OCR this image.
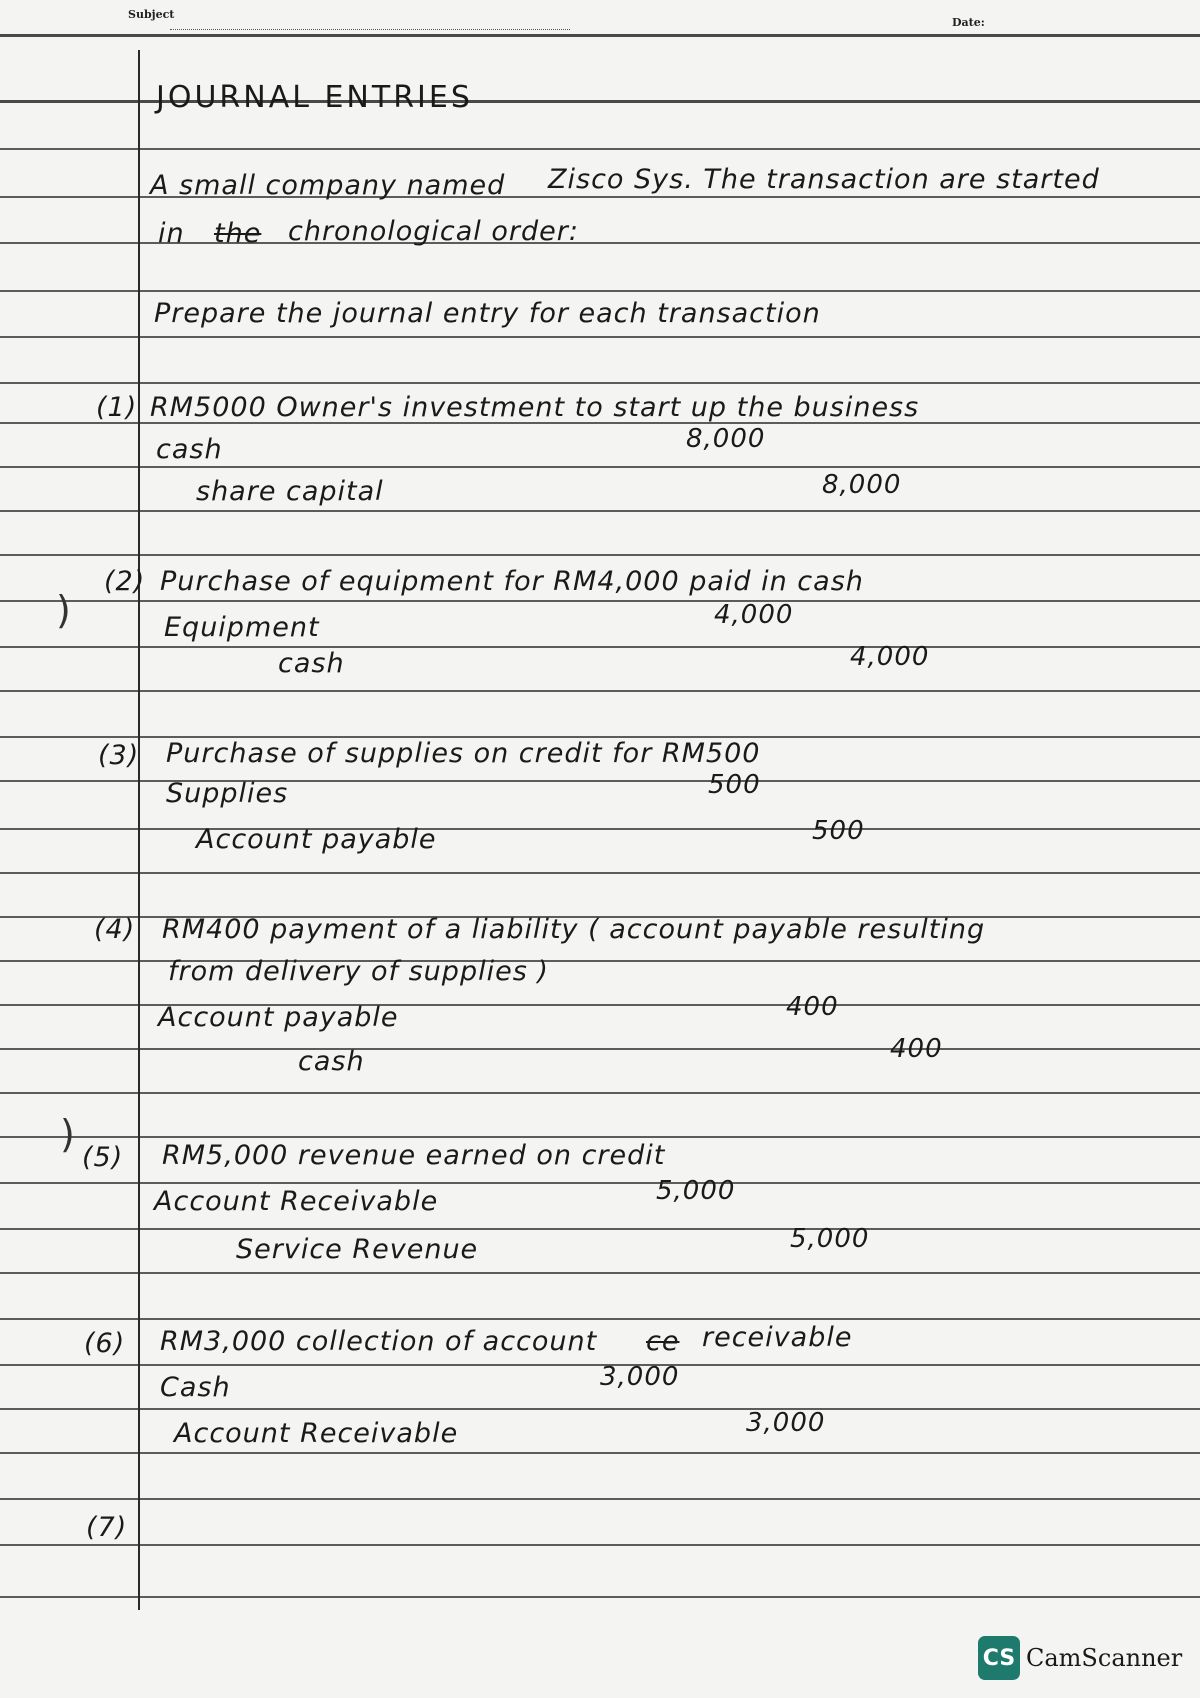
Subject
Date:
JOURNAL ENTRIES
A small company named Zisco Sys. The transaction are started
in the chronological order:
Prepare the journal entry for each transaction
(1) RM5000 Owner's investment to start up the business
cash	8,000
share capital	8,000
)
(2) Purchase of equipment for RM4,000 paid in cash
Equipment	4,000
cash	4,000
(3) Purchase of supplies on credit for RM500
Supplies	500
Account payable	500
(4) RM400 payment of a liability ( account payable resulting
from delivery of supplies )
Account payable	400
cash	400
)
(5) RM5,000 revenue earned on credit
Account Receivable	5,000
Service Revenue	5,000
(6) RM3,000 collection of account ce receivable
Cash	3,000
Account Receivable	3,000
(7)
CS CamScanner
